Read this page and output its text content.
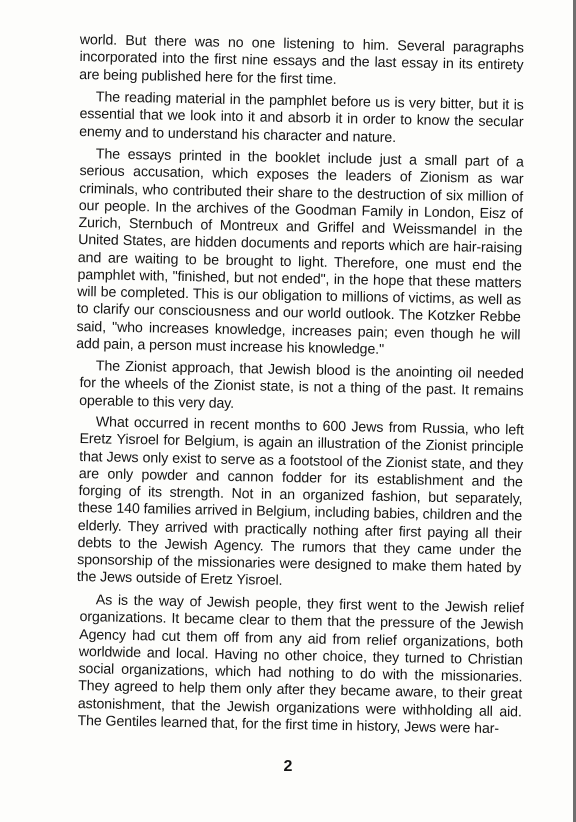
world. But there was no one listening to him. Several paragraphs incorporated into the first nine essays and the last essay in its entirety are being published here for the first time.

The reading material in the pamphlet before us is very bitter, but it is essential that we look into it and absorb it in order to know the secular enemy and to understand his character and nature.

The essays printed in the booklet include just a small part of a serious accusation, which exposes the leaders of Zionism as war criminals, who contributed their share to the destruction of six million of our people. In the archives of the Goodman Family in London, Eisz of Zurich, Sternbuch of Montreux and Griffel and Weissmandel in the United States, are hidden documents and reports which are hair-raising and are waiting to be brought to light. Therefore, one must end the pamphlet with, "finished, but not ended", in the hope that these matters will be completed. This is our obligation to millions of victims, as well as to clarify our consciousness and our world outlook. The Kotzker Rebbe said, "who increases knowledge, increases pain; even though he will add pain, a person must increase his knowledge."

The Zionist approach, that Jewish blood is the anointing oil needed for the wheels of the Zionist state, is not a thing of the past. It remains operable to this very day.

What occurred in recent months to 600 Jews from Russia, who left Eretz Yisroel for Belgium, is again an illustration of the Zionist principle that Jews only exist to serve as a footstool of the Zionist state, and they are only powder and cannon fodder for its establishment and the forging of its strength. Not in an organized fashion, but separately, these 140 families arrived in Belgium, including babies, children and the elderly. They arrived with practically nothing after first paying all their debts to the Jewish Agency. The rumors that they came under the sponsorship of the missionaries were designed to make them hated by the Jews outside of Eretz Yisroel.

As is the way of Jewish people, they first went to the Jewish relief organizations. It became clear to them that the pressure of the Jewish Agency had cut them off from any aid from relief organizations, both worldwide and local. Having no other choice, they turned to Christian social organizations, which had nothing to do with the missionaries. They agreed to help them only after they became aware, to their great astonishment, that the Jewish organizations were withholding all aid. The Gentiles learned that, for the first time in history, Jews were har-

2
